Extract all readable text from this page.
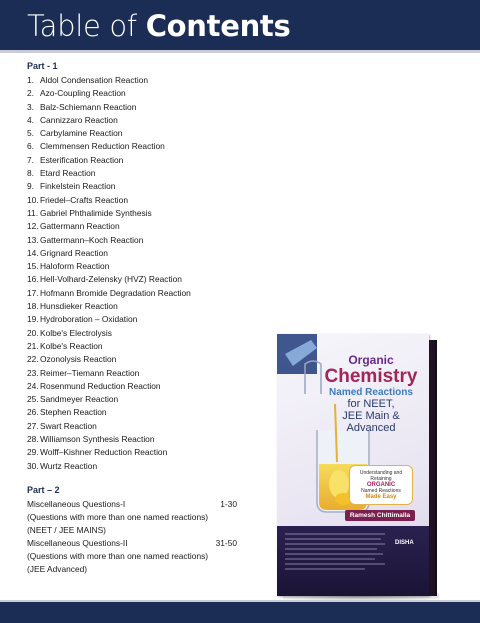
Table of Contents
Part - 1
1. Aldol Condensation Reaction
2. Azo-Coupling Reaction
3. Balz-Schiemann Reaction
4. Cannizzaro Reaction
5. Carbylamine Reaction
6. Clemmensen Reduction Reaction
7. Esterification Reaction
8. Etard Reaction
9. Finkelstein Reaction
10.Friedel–Crafts Reaction
11. Gabriel Phthalimide Synthesis
12.Gattermann Reaction
13.Gattermann–Koch Reaction
14.Grignard Reaction
15.Haloform Reaction
16.Hell-Volhard-Zelensky (HVZ) Reaction
17.Hofmann Bromide Degradation Reaction
18.Hunsdieker Reaction
19.Hydroboration – Oxidation
20.Kolbe's Electrolysis
21.Kolbe's Reaction
22.Ozonolysis Reaction
23.Reimer–Tiemann Reaction
24.Rosenmund Reduction Reaction
25.Sandmeyer Reaction
26.Stephen Reaction
27.Swart Reaction
28.Williamson Synthesis Reaction
29.Wolff–Kishner Reduction Reaction
30.Wurtz Reaction
Part – 2
Miscellaneous Questions-I	1-30
(Questions with more than one named reactions)
(NEET / JEE MAINS)
Miscellaneous Questions-II	31-50
(Questions with more than one named reactions)
(JEE Advanced)
Organic
Chemistry
Named Reactions
for NEET,
JEE Main &
Advanced
Understanding and Retaining
ORGANIC
Named Reactions
Made Easy
Ramesh Chittimalla
DISHA
